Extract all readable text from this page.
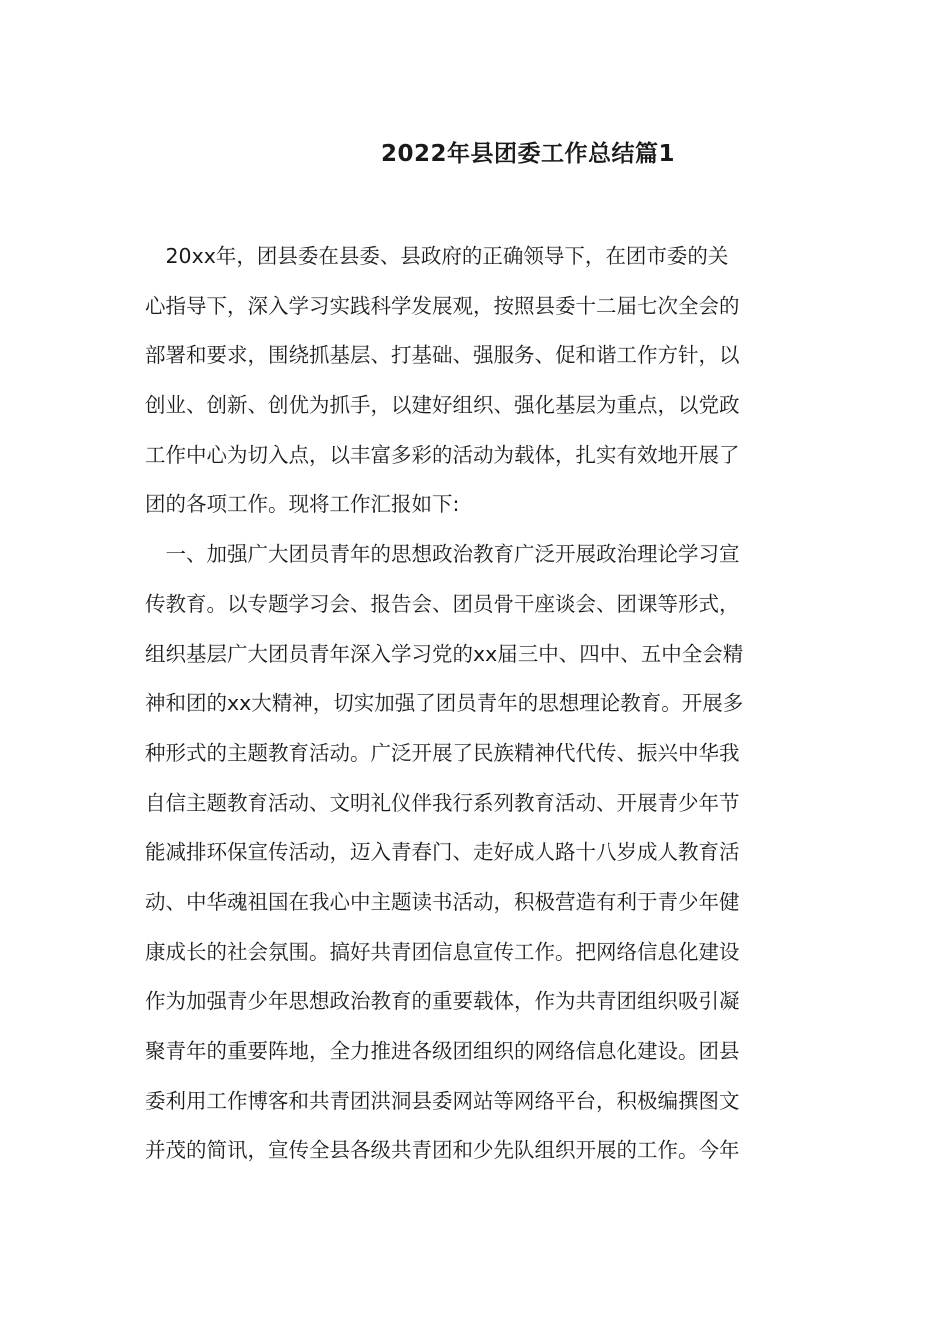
2022年县团委工作总结篇1
　20xx年，团县委在县委、县政府的正确领导下，在团市委的关
心指导下，深入学习实践科学发展观，按照县委十二届七次全会的
部署和要求，围绕抓基层、打基础、强服务、促和谐工作方针，以
创业、创新、创优为抓手，以建好组织、强化基层为重点，以党政
工作中心为切入点，以丰富多彩的活动为载体，扎实有效地开展了
团的各项工作。现将工作汇报如下:
　一、加强广大团员青年的思想政治教育广泛开展政治理论学习宣
传教育。以专题学习会、报告会、团员骨干座谈会、团课等形式，
组织基层广大团员青年深入学习党的xx届三中、四中、五中全会精
神和团的xx大精神，切实加强了团员青年的思想理论教育。开展多
种形式的主题教育活动。广泛开展了民族精神代代传、振兴中华我
自信主题教育活动、文明礼仪伴我行系列教育活动、开展青少年节
能减排环保宣传活动，迈入青春门、走好成人路十八岁成人教育活
动、中华魂祖国在我心中主题读书活动，积极营造有利于青少年健
康成长的社会氛围。搞好共青团信息宣传工作。把网络信息化建设
作为加强青少年思想政治教育的重要载体，作为共青团组织吸引凝
聚青年的重要阵地，全力推进各级团组织的网络信息化建设。团县
委利用工作博客和共青团洪洞县委网站等网络平台，积极编撰图文
并茂的简讯，宣传全县各级共青团和少先队组织开展的工作。今年
